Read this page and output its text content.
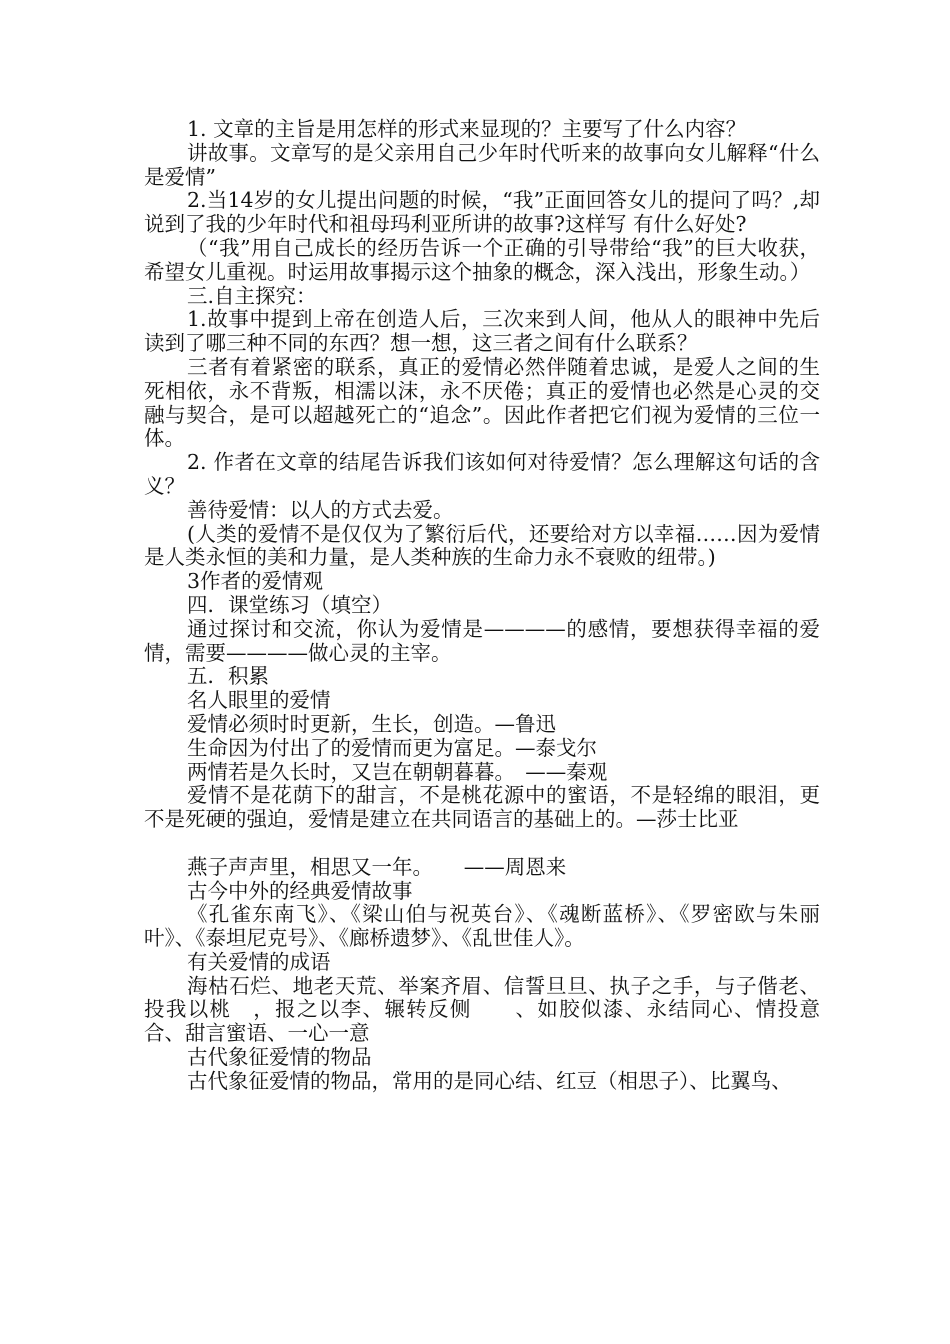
1. 文章的主旨是用怎样的形式来显现的？主要写了什么内容？

讲故事。文章写的是父亲用自己少年时代听来的故事向女儿解释“什么是爱情”

2.当14岁的女儿提出问题的时候，“我”正面回答女儿的提问了吗？,却说到了我的少年时代和祖母玛利亚所讲的故事?这样写 有什么好处?

（“我”用自己成长的经历告诉一个正确的引导带给“我”的巨大收获，希望女儿重视。时运用故事揭示这个抽象的概念，深入浅出，形象生动。）

三.自主探究：

1.故事中提到上帝在创造人后，三次来到人间，他从人的眼神中先后读到了哪三种不同的东西？想一想，这三者之间有什么联系？

三者有着紧密的联系，真正的爱情必然伴随着忠诚，是爱人之间的生死相依，永不背叛，相濡以沫，永不厌倦；真正的爱情也必然是心灵的交融与契合，是可以超越死亡的“追念”。因此作者把它们视为爱情的三位一体。

2. 作者在文章的结尾告诉我们该如何对待爱情？怎么理解这句话的含义？

善待爱情：以人的方式去爱。

(人类的爱情不是仅仅为了繁衍后代，还要给对方以幸福……因为爱情是人类永恒的美和力量，是人类种族的生命力永不衰败的纽带。)

3作者的爱情观

四．课堂练习（填空）

通过探讨和交流，你认为爱情是————的感情，要想获得幸福的爱情，需要————做心灵的主宰。

五．积累

名人眼里的爱情

爱情必须时时更新，生长，创造。—鲁迅

生命因为付出了的爱情而更为富足。—泰戈尔

两情若是久长时，又岂在朝朝暮暮。　——秦观

爱情不是花荫下的甜言，不是桃花源中的蜜语，不是轻绵的眼泪，更不是死硬的强迫，爱情是建立在共同语言的基础上的。—莎士比亚

燕子声声里，相思又一年。　　——周恩来

古今中外的经典爱情故事

《孔雀东南飞》、《梁山伯与祝英台》、《魂断蓝桥》、《罗密欧与朱丽叶》、《泰坦尼克号》、《廊桥遗梦》、《乱世佳人》。

有关爱情的成语

海枯石烂、地老天荒、举案齐眉、信誓旦旦、执子之手，与子偕老、投我以桃　，报之以李、辗转反侧　　、如胶似漆、永结同心、情投意合、甜言蜜语、一心一意

古代象征爱情的物品

古代象征爱情的物品，常用的是同心结、红豆（相思子）、比翼鸟、
